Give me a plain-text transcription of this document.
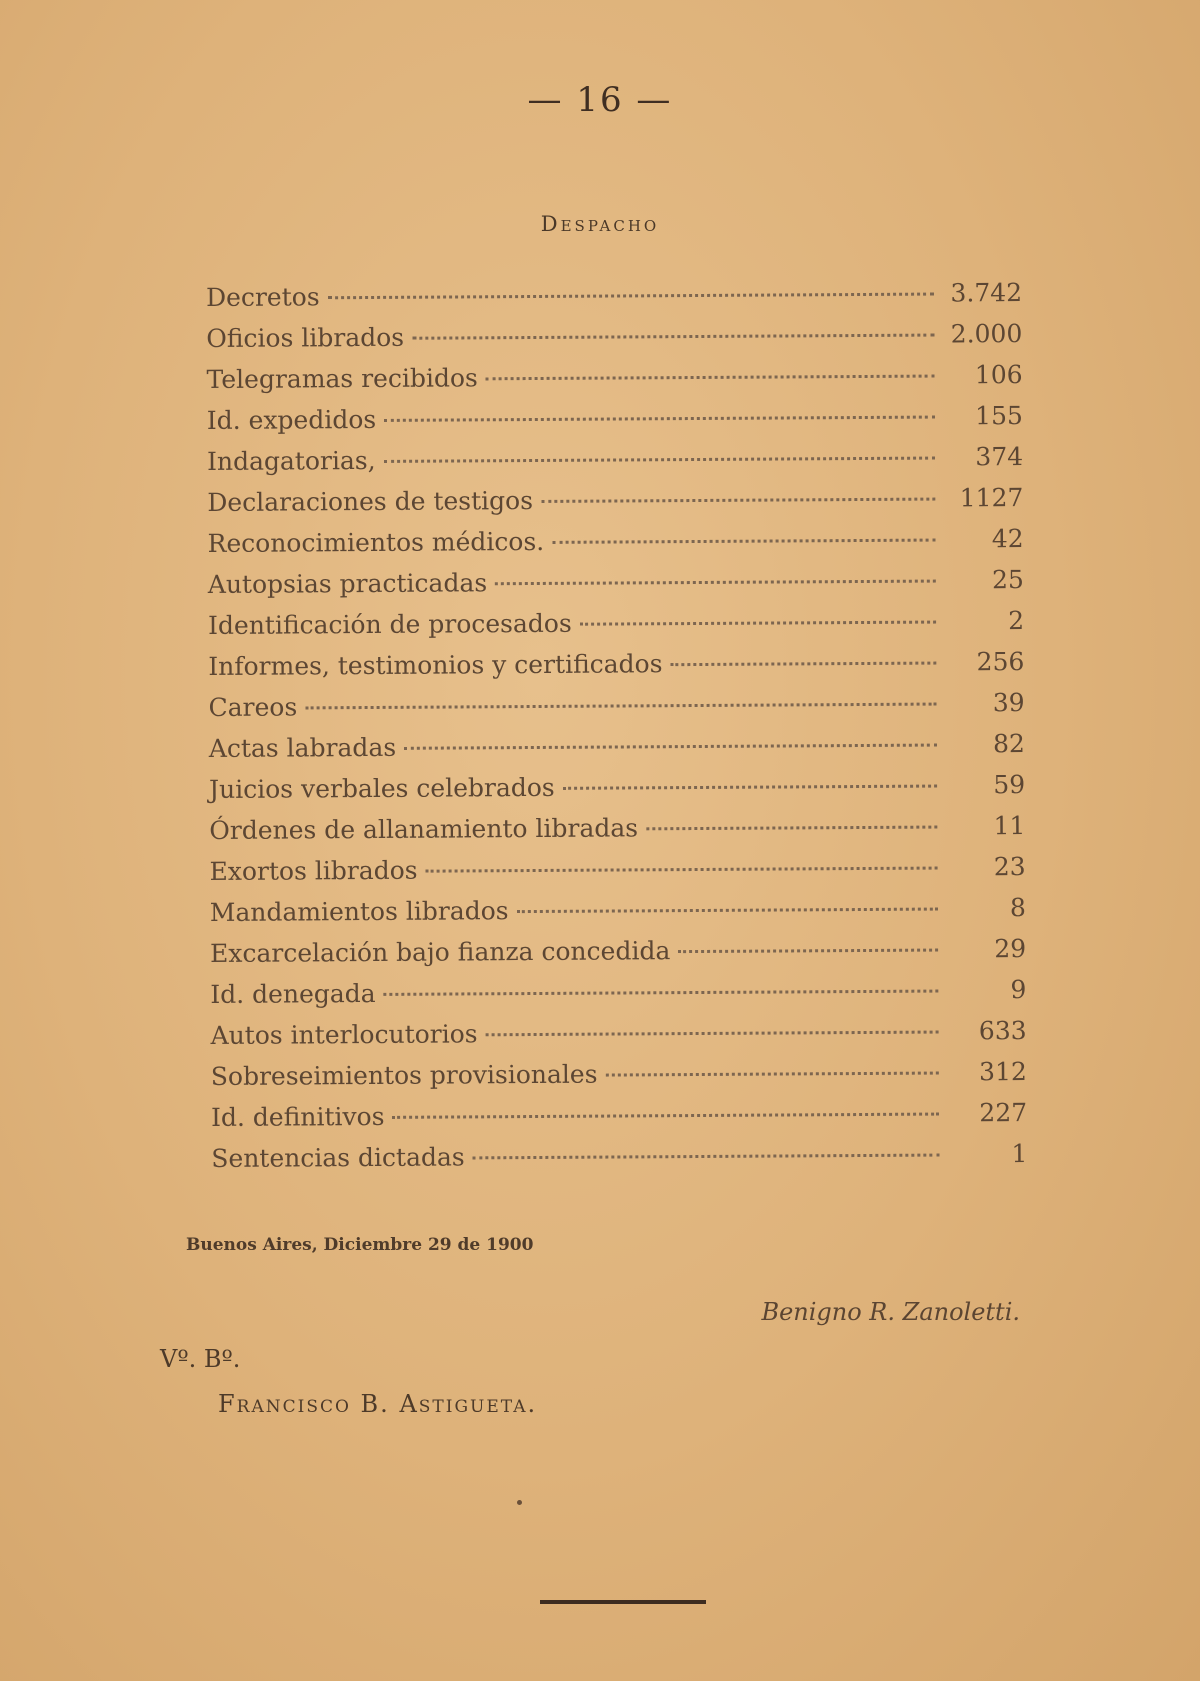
— 16 —
Despacho
Decretos	3.742
Oficios librados	2.000
Telegramas recibidos	106
Id. expedidos	155
Indagatorias,	374
Declaraciones de testigos	1127
Reconocimientos médicos.	42
Autopsias practicadas	25
Identificación de procesados	2
Informes, testimonios y certificados	256
Careos	39
Actas labradas	82
Juicios verbales celebrados	59
Órdenes de allanamiento libradas	11
Exortos librados	23
Mandamientos librados	8
Excarcelación bajo fianza concedida	29
Id. denegada	9
Autos interlocutorios	633
Sobreseimientos provisionales	312
Id. definitivos	227
Sentencias dictadas	1
Buenos Aires, Diciembre 29 de 1900
Benigno R. Zanoletti.
Vº. Bº.
Francisco B. Astigueta.
